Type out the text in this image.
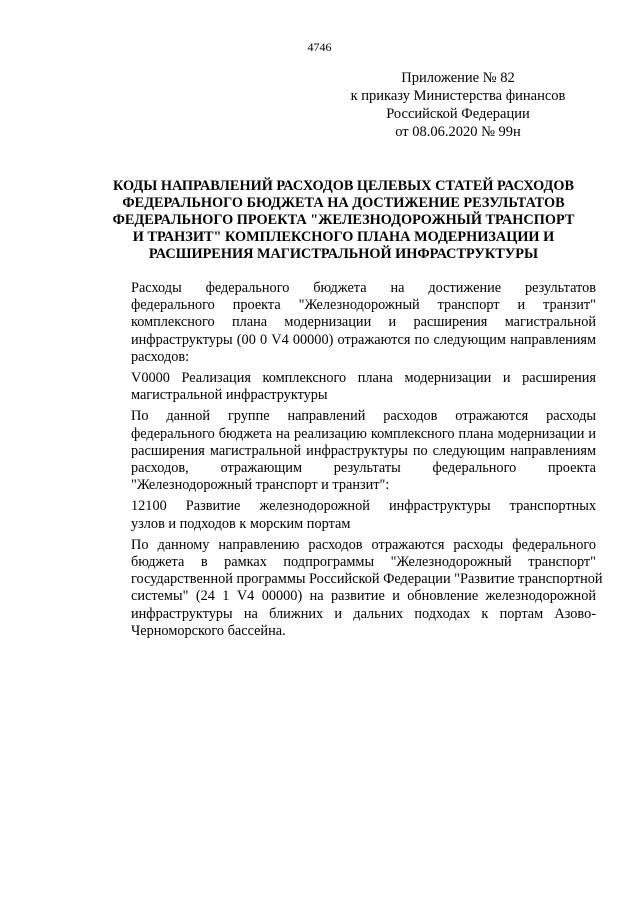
4746
Приложение № 82
к приказу Министерства финансов
Российской Федерации
от 08.06.2020 № 99н
КОДЫ НАПРАВЛЕНИЙ РАСХОДОВ ЦЕЛЕВЫХ СТАТЕЙ РАСХОДОВ
ФЕДЕРАЛЬНОГО БЮДЖЕТА НА ДОСТИЖЕНИЕ РЕЗУЛЬТАТОВ
ФЕДЕРАЛЬНОГО ПРОЕКТА "ЖЕЛЕЗНОДОРОЖНЫЙ ТРАНСПОРТ
И ТРАНЗИТ" КОМПЛЕКСНОГО ПЛАНА МОДЕРНИЗАЦИИ И
РАСШИРЕНИЯ МАГИСТРАЛЬНОЙ ИНФРАСТРУКТУРЫ

Расходы федерального бюджета на достижение результатов
федерального проекта "Железнодорожный транспорт и транзит"
комплексного плана модернизации и расширения магистральной
инфраструктуры (00 0 V4 00000) отражаются по следующим направлениям
расходов:

V0000 Реализация комплексного плана модернизации и расширения
магистральной инфраструктуры

По данной группе направлений расходов отражаются расходы
федерального бюджета на реализацию комплексного плана модернизации и
расширения магистральной инфраструктуры по следующим направлениям
расходов, отражающим результаты федерального проекта
"Железнодорожный транспорт и транзит":

12100 Развитие железнодорожной инфраструктуры транспортных
узлов и подходов к морским портам

По данному направлению расходов отражаются расходы федерального
бюджета в рамках подпрограммы "Железнодорожный транспорт"
государственной программы Российской Федерации "Развитие транспортной
системы" (24 1 V4 00000) на развитие и обновление железнодорожной
инфраструктуры на ближних и дальних подходах к портам Азово-
Черноморского бассейна.
